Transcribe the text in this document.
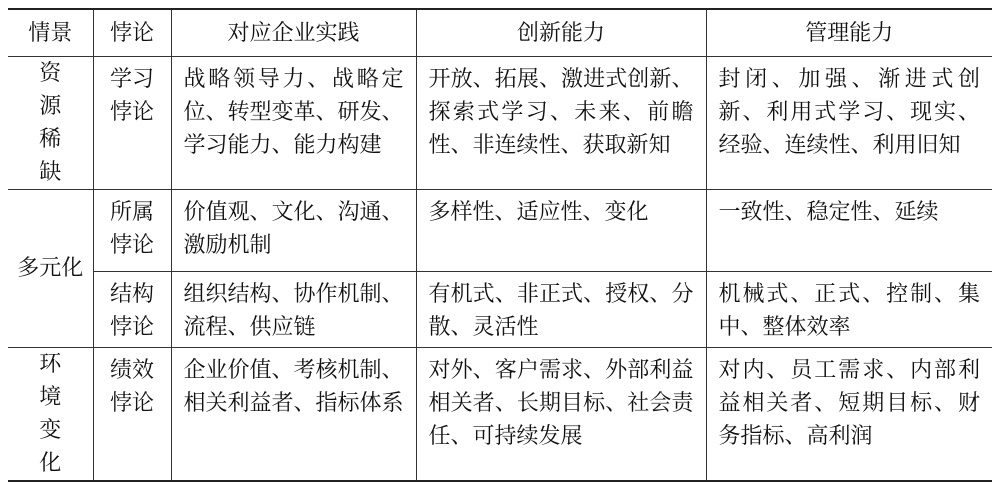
情景	悖论	对应企业实践	创新能力	管理能力
资源稀缺	学习悖论	战略领导力、战略定位、转型变革、研发、学习能力、能力构建	开放、拓展、激进式创新、探索式学习、未来、前瞻性、非连续性、获取新知	封闭、加强、渐进式创新、利用式学习、现实、经验、连续性、利用旧知
多元化	所属悖论	价值观、文化、沟通、激励机制	多样性、适应性、变化	一致性、稳定性、延续
	结构悖论	组织结构、协作机制、流程、供应链	有机式、非正式、授权、分散、灵活性	机械式、正式、控制、集中、整体效率
环境变化	绩效悖论	企业价值、考核机制、相关利益者、指标体系	对外、客户需求、外部利益相关者、长期目标、社会责任、可持续发展	对内、员工需求、内部利益相关者、短期目标、财务指标、高利润
